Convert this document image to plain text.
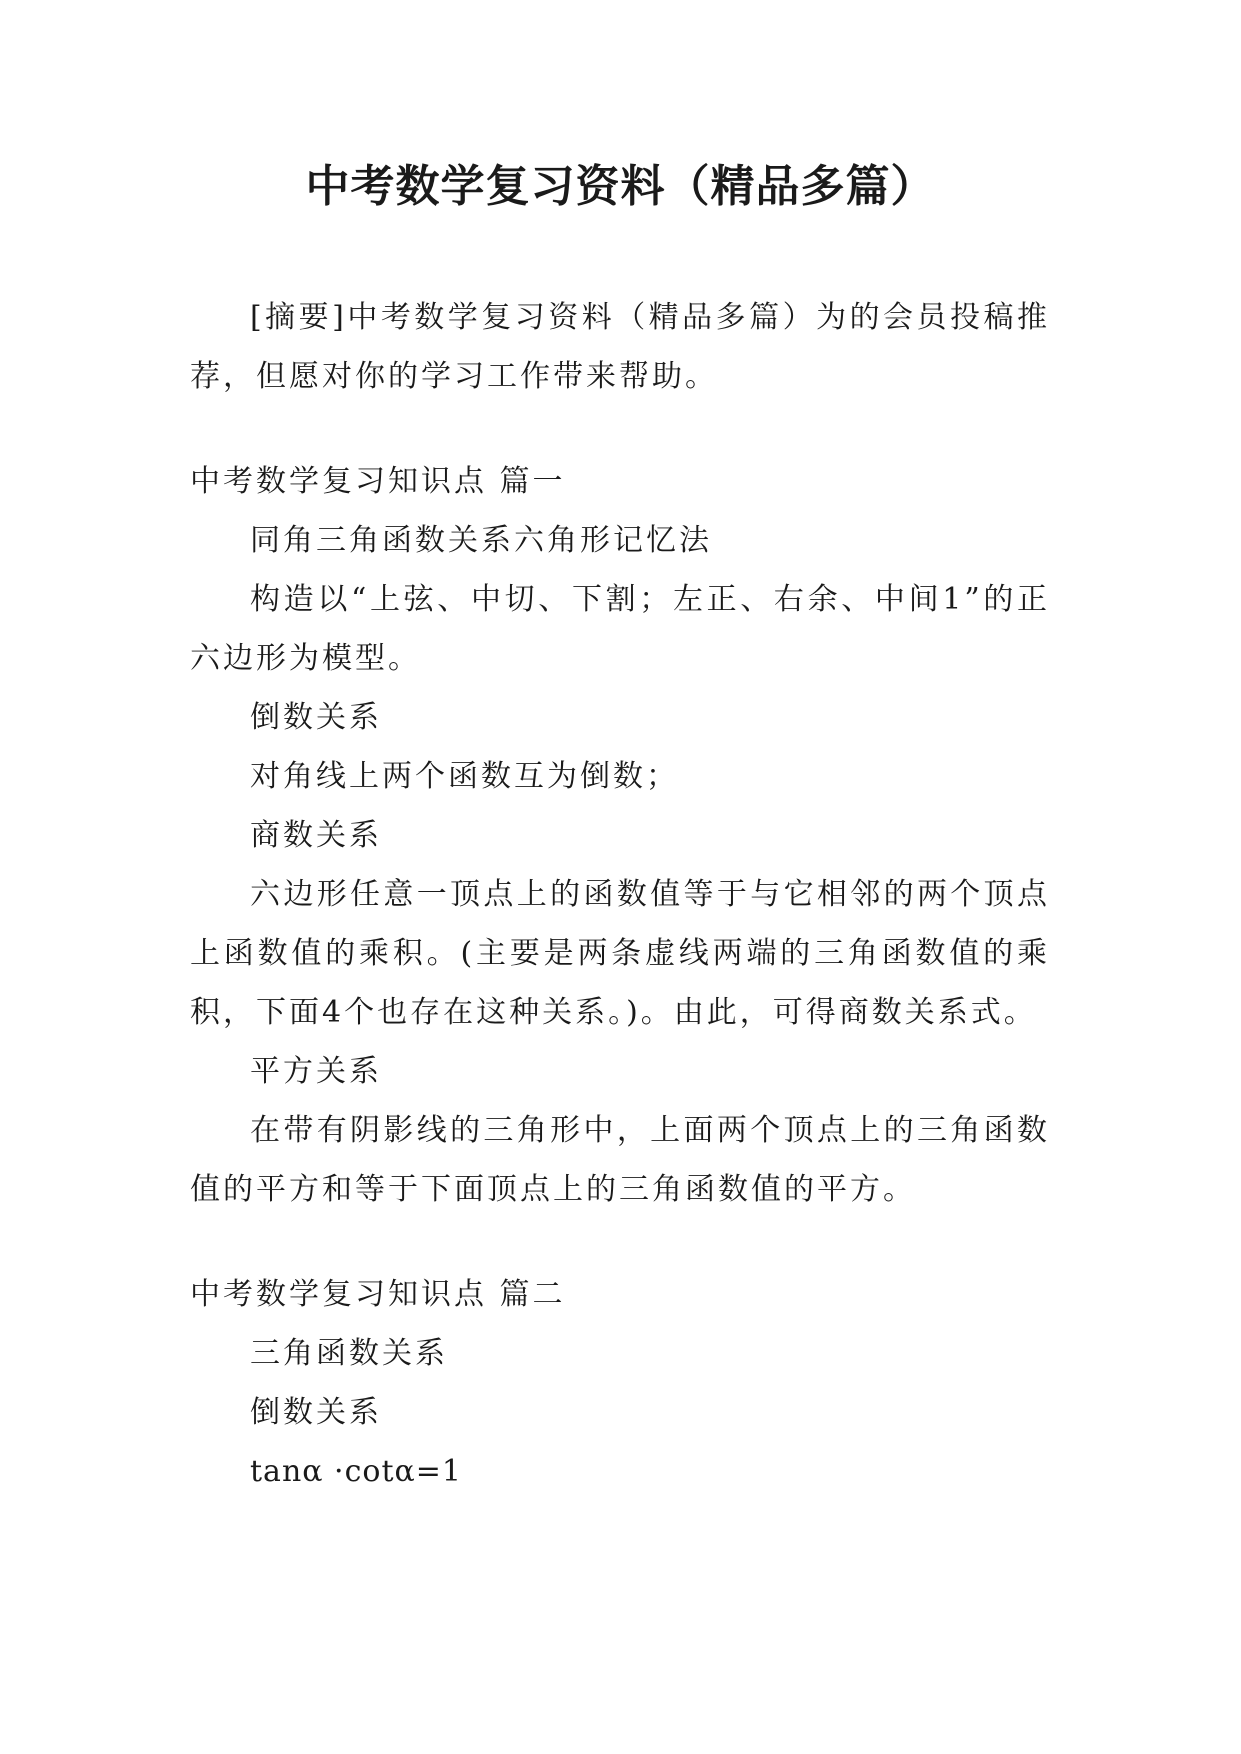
中考数学复习资料（精品多篇）

[摘要]中考数学复习资料（精品多篇）为的会员投稿推荐，但愿对你的学习工作带来帮助。

中考数学复习知识点 篇一

同角三角函数关系六角形记忆法

构造以“上弦、中切、下割；左正、右余、中间1”的正六边形为模型。

倒数关系

对角线上两个函数互为倒数；

商数关系

六边形任意一顶点上的函数值等于与它相邻的两个顶点上函数值的乘积。(主要是两条虚线两端的三角函数值的乘积，下面4个也存在这种关系。)。由此，可得商数关系式。

平方关系

在带有阴影线的三角形中，上面两个顶点上的三角函数值的平方和等于下面顶点上的三角函数值的平方。

中考数学复习知识点 篇二

三角函数关系

倒数关系

tanα ·cotα=1
